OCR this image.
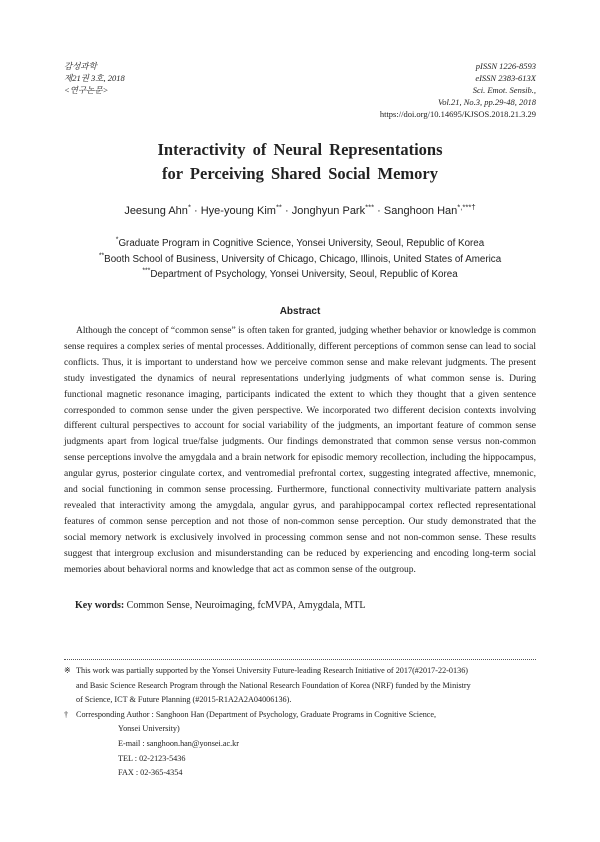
감성과학
제21권 3호, 2018
<연구논문>
pISSN 1226-8593
eISSN 2383-613X
Sci. Emot. Sensib.,
Vol.21, No.3, pp.29-48, 2018
https://doi.org/10.14695/KJSOS.2018.21.3.29
Interactivity of Neural Representations
for Perceiving Shared Social Memory
Jeesung Ahn* · Hye-young Kim** · Jonghyun Park*** · Sanghoon Han*,***†
*Graduate Program in Cognitive Science, Yonsei University, Seoul, Republic of Korea
**Booth School of Business, University of Chicago, Chicago, Illinois, United States of America
***Department of Psychology, Yonsei University, Seoul, Republic of Korea
Abstract

Although the concept of “common sense” is often taken for granted, judging whether behavior or knowledge is common sense requires a complex series of mental processes. Additionally, different perceptions of common sense can lead to social conflicts. Thus, it is important to understand how we perceive common sense and make relevant judgments. The present study investigated the dynamics of neural representations underlying judgments of what common sense is. During functional magnetic resonance imaging, participants indicated the extent to which they thought that a given sentence corresponded to common sense under the given perspective. We incorporated two different decision contexts involving different cultural perspectives to account for social variability of the judgments, an important feature of common sense judgments apart from logical true/false judgments. Our findings demonstrated that common sense versus non-common sense perceptions involve the amygdala and a brain network for episodic memory recollection, including the hippocampus, angular gyrus, posterior cingulate cortex, and ventromedial prefrontal cortex, suggesting integrated affective, mnemonic, and social functioning in common sense processing. Furthermore, functional connectivity multivariate pattern analysis revealed that interactivity among the amygdala, angular gyrus, and parahippocampal cortex reflected representational features of common sense perception and not those of non-common sense perception. Our study demonstrated that the social memory network is exclusively involved in processing common sense and not non-common sense. These results suggest that intergroup exclusion and misunderstanding can be reduced by experiencing and encoding long-term social memories about behavioral norms and knowledge that act as common sense of the outgroup.

Key words: Common Sense, Neuroimaging, fcMVPA, Amygdala, MTL
※ This work was partially supported by the Yonsei University Future-leading Research Initiative of 2017(#2017-22-0136)
and Basic Science Research Program through the National Research Foundation of Korea (NRF) funded by the Ministry
of Science, ICT & Future Planning (#2015-R1A2A2A04006136).
† Corresponding Author : Sanghoon Han (Department of Psychology, Graduate Programs in Cognitive Science,
Yonsei University)
E-mail : sanghoon.han@yonsei.ac.kr
TEL : 02-2123-5436
FAX : 02-365-4354
